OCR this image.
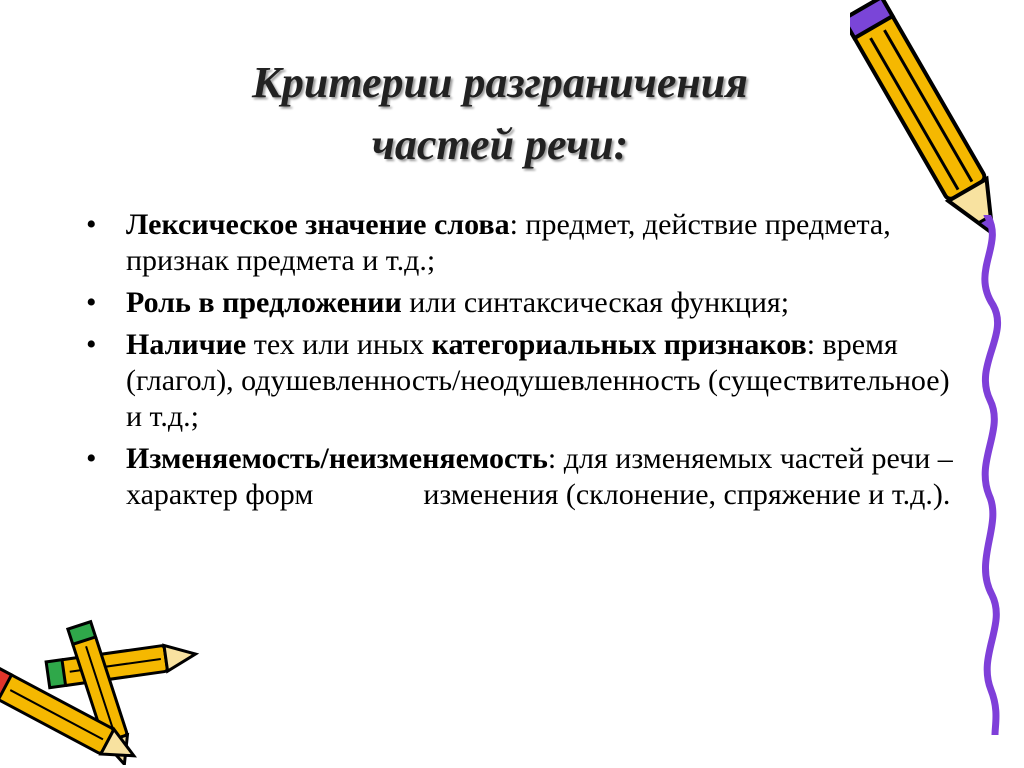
Критерии разграничения
частей речи:
• Лексическое значение слова: предмет, действие предмета, признак предмета и т.д.;
• Роль в предложении или синтаксическая функция;
• Наличие тех или иных категориальных признаков: время (глагол), одушевленность/неодушевленность (существительное) и т.д.;
• Изменяемость/неизменяемость: для изменяемых частей речи – характер форм	изменения (склонение, спряжение и т.д.).
